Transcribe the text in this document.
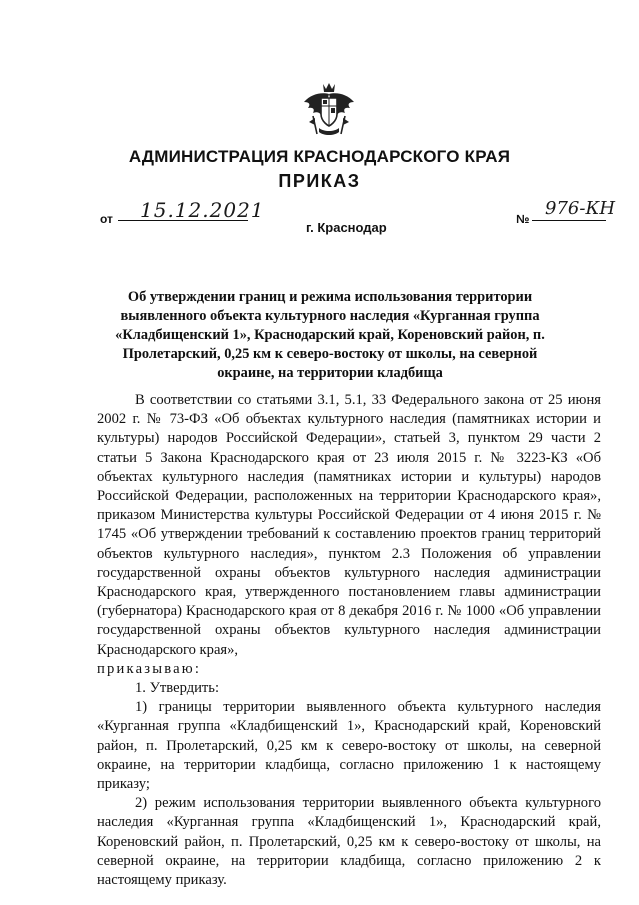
АДМИНИСТРАЦИЯ КРАСНОДАРСКОГО КРАЯ
ПРИКАЗ
от 15.12.2021
г. Краснодар
№ 976-КН
Об утверждении границ и режима использования территории выявленного объекта культурного наследия «Курганная группа «Кладбищенский 1», Краснодарский край, Кореновский район, п. Пролетарский, 0,25 км к северо-востоку от школы, на северной окраине, на территории кладбища

В соответствии со статьями 3.1, 5.1, 33 Федерального закона от 25 июня 2002 г. № 73-ФЗ «Об объектах культурного наследия (памятниках истории и культуры) народов Российской Федерации», статьей 3, пунктом 29 части 2 статьи 5 Закона Краснодарского края от 23 июля 2015 г. № 3223-КЗ «Об объектах культурного наследия (памятниках истории и культуры) народов Российской Федерации, расположенных на территории Краснодарского края», приказом Министерства культуры Российской Федерации от 4 июня 2015 г. № 1745 «Об утверждении требований к составлению проектов границ территорий объектов культурного наследия», пунктом 2.3 Положения об управлении государственной охраны объектов культурного наследия администрации Краснодарского края, утвержденного постановлением главы администрации (губернатора) Краснодарского края от 8 декабря 2016 г. № 1000 «Об управлении государственной охраны объектов культурного наследия администрации Краснодарского края»,

приказываю:

1. Утвердить:

1) границы территории выявленного объекта культурного наследия «Курганная группа «Кладбищенский 1», Краснодарский край, Кореновский район, п. Пролетарский, 0,25 км к северо-востоку от школы, на северной окраине, на территории кладбища, согласно приложению 1 к настоящему приказу;

2) режим использования территории выявленного объекта культурного наследия «Курганная группа «Кладбищенский 1», Краснодарский край, Кореновский район, п. Пролетарский, 0,25 км к северо-востоку от школы, на северной окраине, на территории кладбища, согласно приложению 2 к настоящему приказу.
